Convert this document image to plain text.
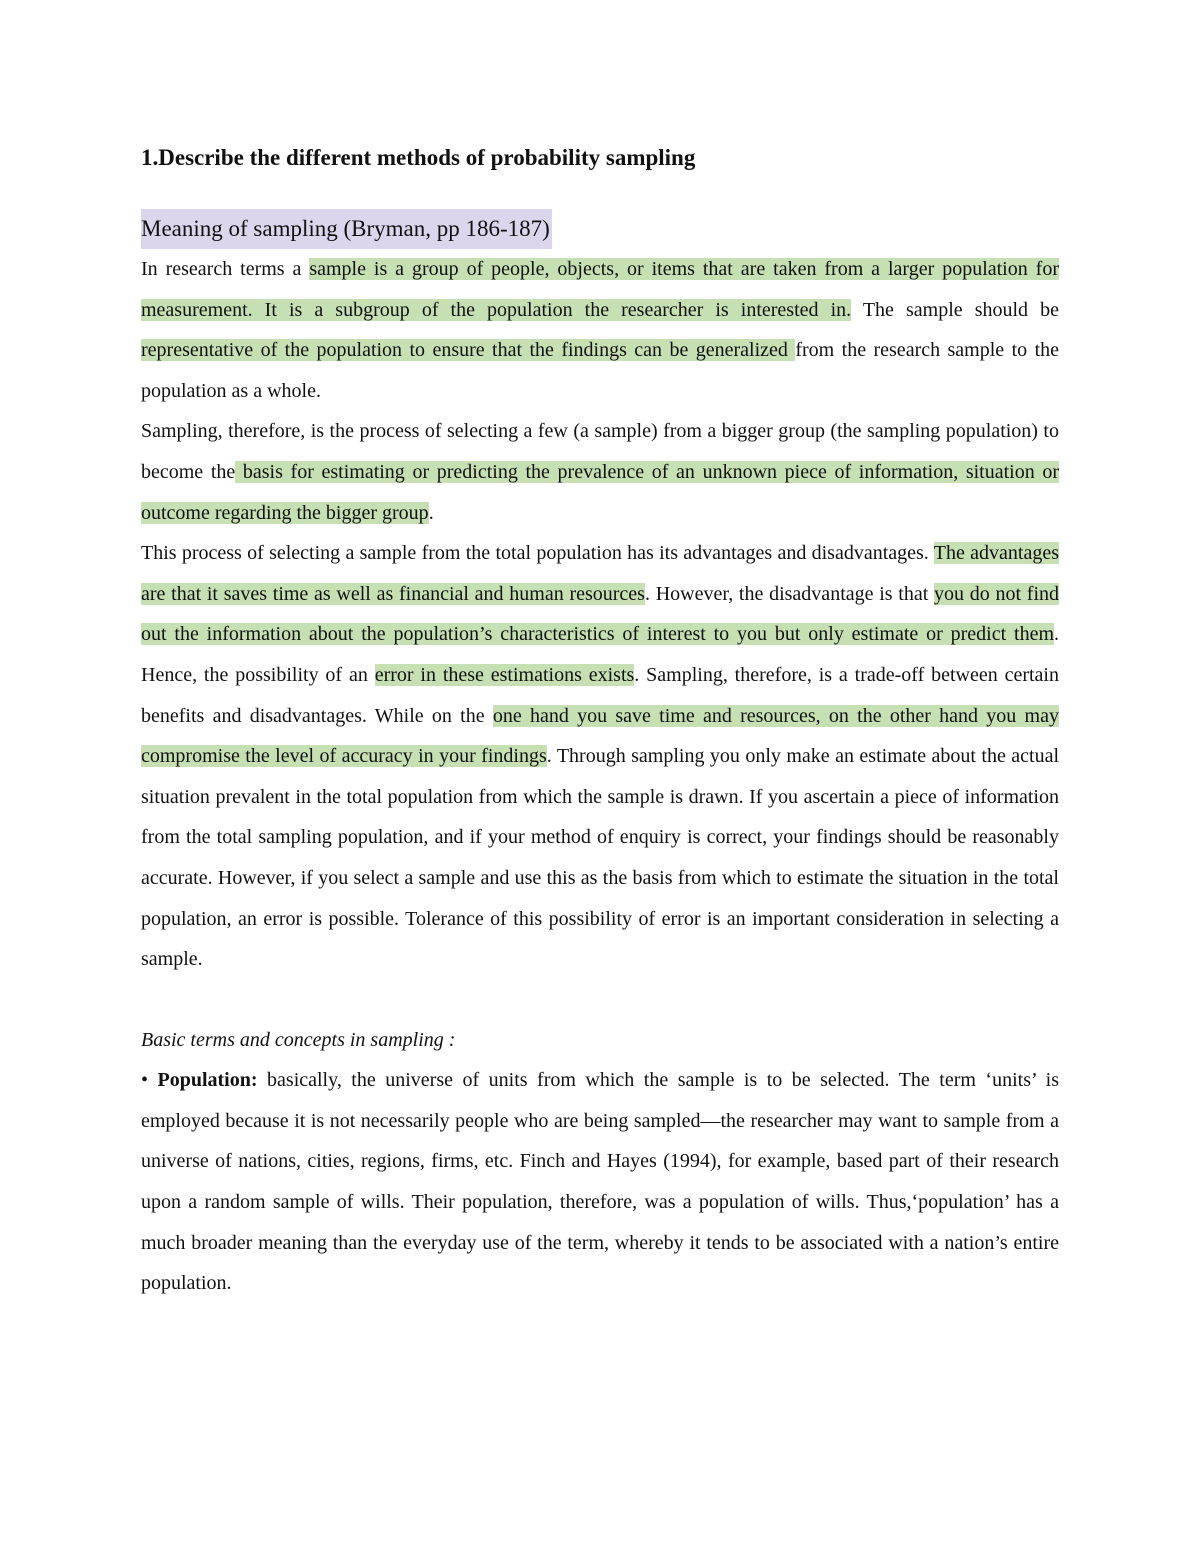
1.Describe the different methods of probability sampling
Meaning of sampling (Bryman, pp 186-187)

In research terms a sample is a group of people, objects, or items that are taken from a larger population for measurement. It is a subgroup of the population the researcher is interested in. The sample should be representative of the population to ensure that the findings can be generalized from the research sample to the population as a whole.

Sampling, therefore, is the process of selecting a few (a sample) from a bigger group (the sampling population) to become the basis for estimating or predicting the prevalence of an unknown piece of information, situation or outcome regarding the bigger group.

This process of selecting a sample from the total population has its advantages and disadvantages. The advantages are that it saves time as well as financial and human resources. However, the disadvantage is that you do not find out the information about the population’s characteristics of interest to you but only estimate or predict them. Hence, the possibility of an error in these estimations exists. Sampling, therefore, is a trade-off between certain benefits and disadvantages. While on the one hand you save time and resources, on the other hand you may compromise the level of accuracy in your findings. Through sampling you only make an estimate about the actual situation prevalent in the total population from which the sample is drawn. If you ascertain a piece of information from the total sampling population, and if your method of enquiry is correct, your findings should be reasonably accurate. However, if you select a sample and use this as the basis from which to estimate the situation in the total population, an error is possible. Tolerance of this possibility of error is an important consideration in selecting a sample.

Basic terms and concepts in sampling :

• Population: basically, the universe of units from which the sample is to be selected. The term ‘units’ is employed because it is not necessarily people who are being sampled—the researcher may want to sample from a universe of nations, cities, regions, firms, etc. Finch and Hayes (1994), for example, based part of their research upon a random sample of wills. Their population, therefore, was a population of wills. Thus,‘population’ has a much broader meaning than the everyday use of the term, whereby it tends to be associated with a nation’s entire population.
